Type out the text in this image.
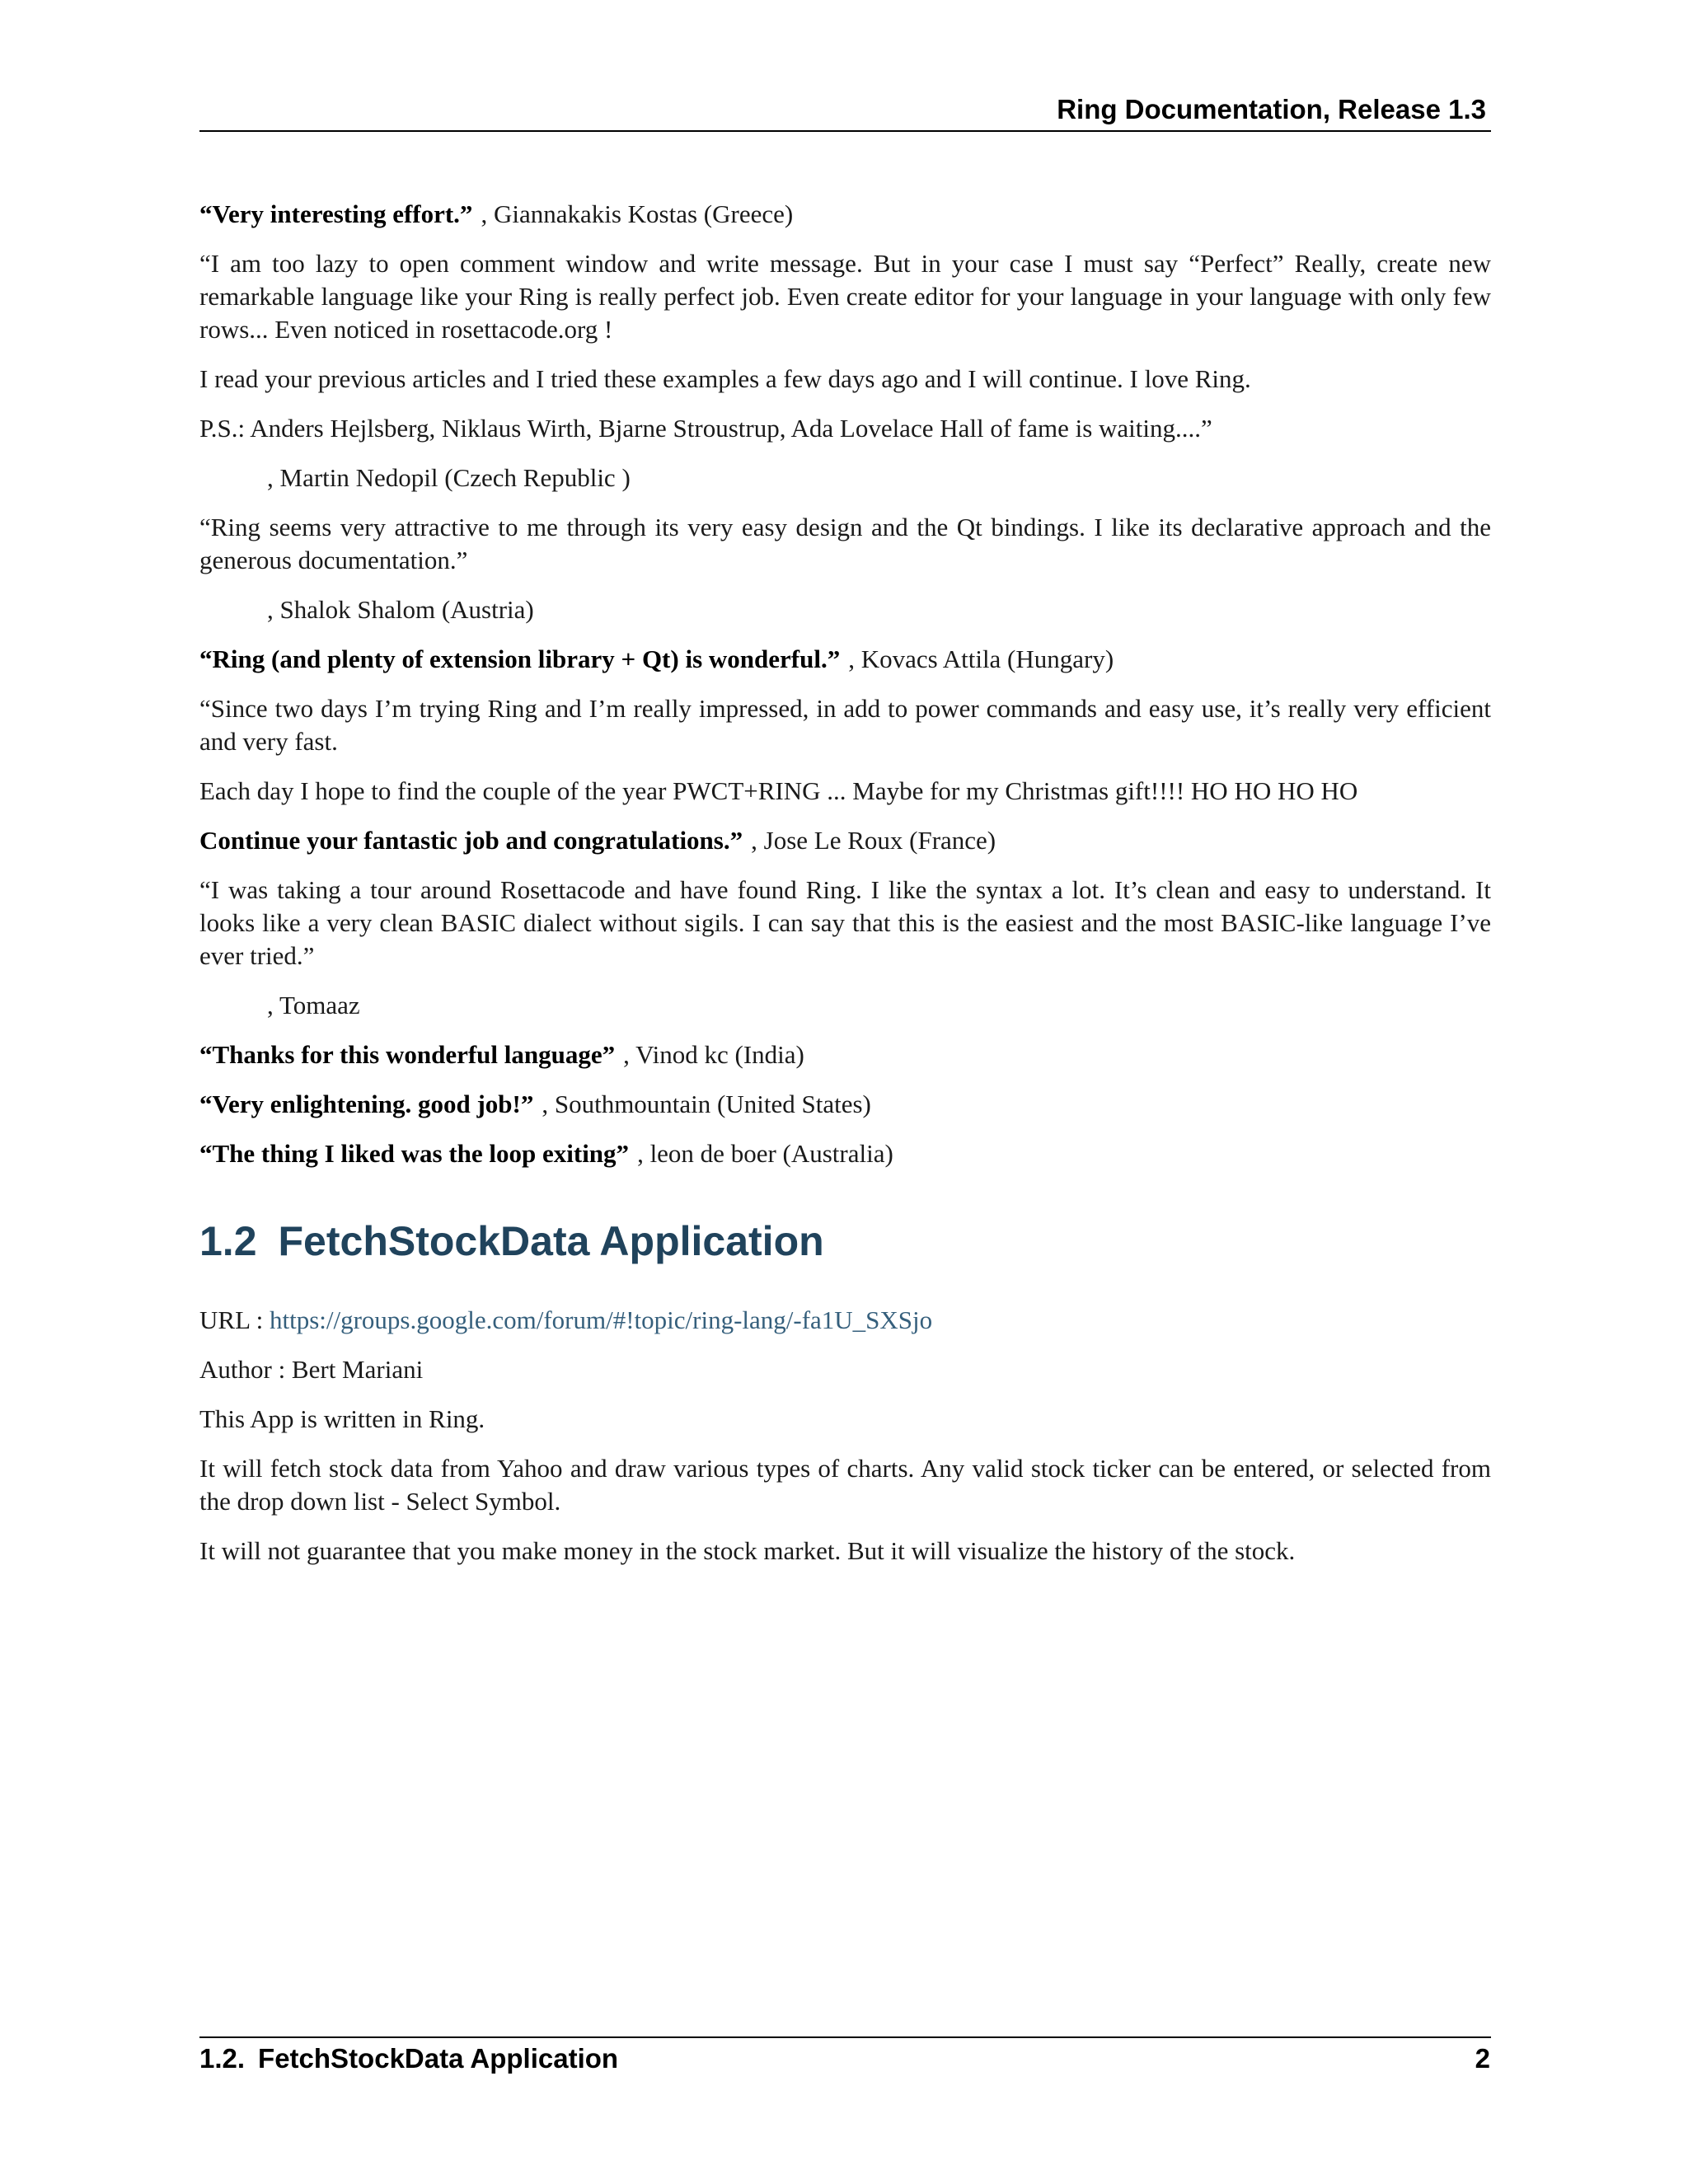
Ring Documentation, Release 1.3

“Very interesting effort.” , Giannakakis Kostas (Greece)

“I am too lazy to open comment window and write message. But in your case I must say “Perfect” Really, create new remarkable language like your Ring is really perfect job. Even create editor for your language in your language with only few rows... Even noticed in rosettacode.org !

I read your previous articles and I tried these examples a few days ago and I will continue. I love Ring.

P.S.: Anders Hejlsberg, Niklaus Wirth, Bjarne Stroustrup, Ada Lovelace Hall of fame is waiting....”

, Martin Nedopil (Czech Republic )

“Ring seems very attractive to me through its very easy design and the Qt bindings. I like its declarative approach and the generous documentation.”

, Shalok Shalom (Austria)

“Ring (and plenty of extension library + Qt) is wonderful.” , Kovacs Attila (Hungary)

“Since two days I’m trying Ring and I’m really impressed, in add to power commands and easy use, it’s really very efficient and very fast.

Each day I hope to find the couple of the year PWCT+RING ... Maybe for my Christmas gift!!!! HO HO HO HO

Continue your fantastic job and congratulations.” , Jose Le Roux (France)

“I was taking a tour around Rosettacode and have found Ring. I like the syntax a lot. It’s clean and easy to understand. It looks like a very clean BASIC dialect without sigils. I can say that this is the easiest and the most BASIC-like language I’ve ever tried.”

, Tomaaz

“Thanks for this wonderful language” , Vinod kc (India)

“Very enlightening. good job!” , Southmountain (United States)

“The thing I liked was the loop exiting” , leon de boer (Australia)

1.2 FetchStockData Application

URL : https://groups.google.com/forum/#!topic/ring-lang/-fa1U_SXSjo

Author : Bert Mariani

This App is written in Ring.

It will fetch stock data from Yahoo and draw various types of charts. Any valid stock ticker can be entered, or selected from the drop down list - Select Symbol.

It will not guarantee that you make money in the stock market. But it will visualize the history of the stock.

1.2. FetchStockData Application	2
